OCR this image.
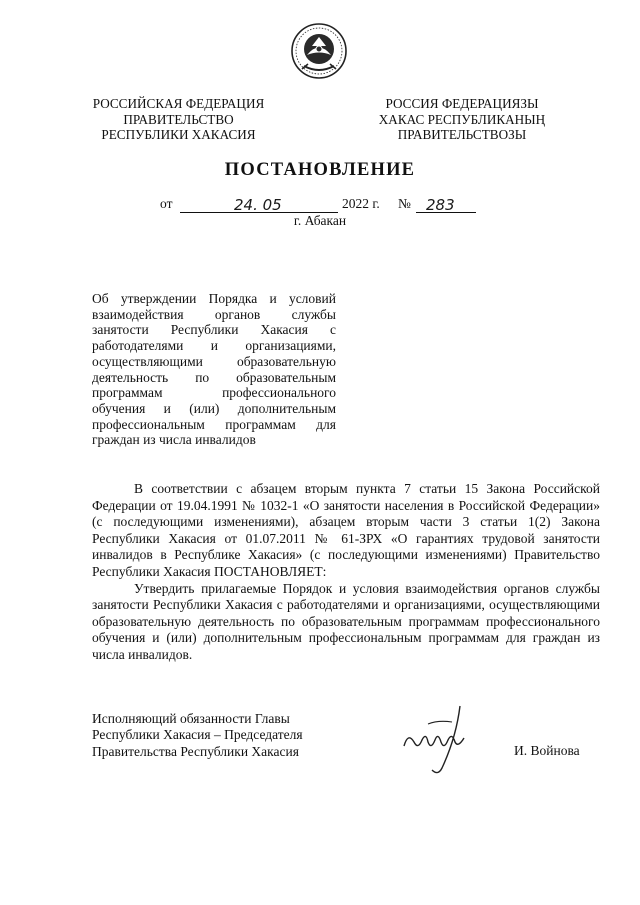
РОССИЙСКАЯ ФЕДЕРАЦИЯ
ПРАВИТЕЛЬСТВО
РЕСПУБЛИКИ ХАКАСИЯ
РОССИЯ ФЕДЕРАЦИЯЗЫ
ХАКАС РЕСПУБЛИКАНЫҢ
ПРАВИТЕЛЬСТВОЗЫ
ПОСТАНОВЛЕНИЕ
от	24. 05	2022 г. № 283
г. Абакан
Об утверждении Порядка и условий взаимодействия органов службы занятости Республики Хакасия с работодателями и организациями, осуществляющими образовательную деятельность по образовательным программам профессионального обучения и (или) дополнительным профессиональным программам для граждан из числа инвалидов

В соответствии с абзацем вторым пункта 7 статьи 15 Закона Российской Федерации от 19.04.1991 № 1032-1 «О занятости населения в Российской Федерации» (с последующими изменениями), абзацем вторым части 3 статьи 1(2) Закона Республики Хакасия от 01.07.2011 № 61-ЗРХ «О гарантиях трудовой занятости инвалидов в Республике Хакасия» (с последующими изменениями) Правительство Республики Хакасия ПОСТАНОВЛЯЕТ:

Утвердить прилагаемые Порядок и условия взаимодействия органов службы занятости Республики Хакасия с работодателями и организациями, осуществляющими образовательную деятельность по образовательным программам профессионального обучения и (или) дополнительным профессиональным программам для граждан из числа инвалидов.

Исполняющий обязанности Главы
Республики Хакасия – Председателя
Правительства Республики Хакасия	И. Войнова
